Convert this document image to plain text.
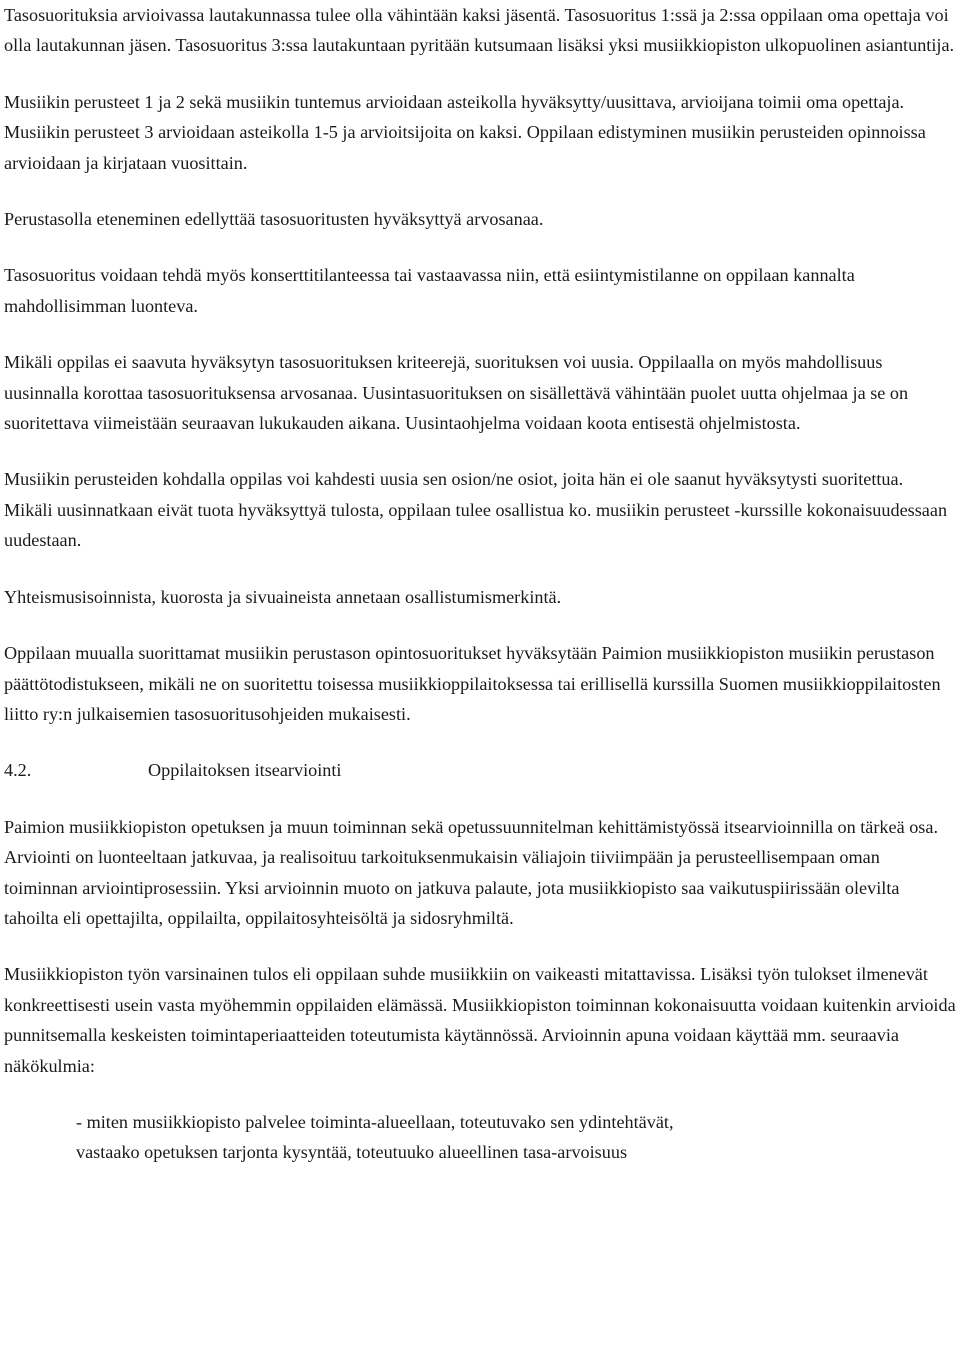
Tasosuorituksia arvioivassa lautakunnassa tulee olla vähintään kaksi jäsentä. Tasosuoritus 1:ssä ja 2:ssa oppilaan oma opettaja voi olla lautakunnan jäsen. Tasosuoritus 3:ssa lautakuntaan pyritään kutsumaan lisäksi yksi musiikkiopiston ulkopuolinen asiantuntija.

Musiikin perusteet 1 ja 2 sekä musiikin tuntemus arvioidaan asteikolla hyväksytty/uusittava, arvioijana toimii oma opettaja. Musiikin perusteet 3 arvioidaan asteikolla 1-5 ja arvioitsijoita on kaksi. Oppilaan edistyminen musiikin perusteiden opinnoissa arvioidaan ja kirjataan vuosittain.

Perustasolla eteneminen edellyttää tasosuoritusten hyväksyttyä arvosanaa.

Tasosuoritus voidaan tehdä myös konserttitilanteessa tai vastaavassa niin, että esiintymistilanne on oppilaan kannalta mahdollisimman luonteva.

Mikäli oppilas ei saavuta hyväksytyn tasosuorituksen kriteerejä, suorituksen voi uusia. Oppilaalla on myös mahdollisuus uusinnalla korottaa tasosuorituksensa arvosanaa. Uusintasuorituksen on sisällettävä vähintään puolet uutta ohjelmaa ja se on suoritettava viimeistään seuraavan lukukauden aikana. Uusintaohjelma voidaan koota entisestä ohjelmistosta.

Musiikin perusteiden kohdalla oppilas voi kahdesti uusia sen osion/ne osiot, joita hän ei ole saanut hyväksytysti suoritettua. Mikäli uusinnatkaan eivät tuota hyväksyttyä tulosta, oppilaan tulee osallistua ko. musiikin perusteet -kurssille kokonaisuudessaan uudestaan.

Yhteismusisoinnista, kuorosta ja sivuaineista annetaan osallistumismerkintä.

Oppilaan muualla suorittamat musiikin perustason opintosuoritukset hyväksytään Paimion musiikkiopiston musiikin perustason päättötodistukseen, mikäli ne on suoritettu toisessa musiikkioppilaitoksessa tai erillisellä kurssilla Suomen musiikkioppilaitosten liitto ry:n julkaisemien tasosuoritusohjeiden mukaisesti.

4.2.	Oppilaitoksen itsearviointi

Paimion musiikkiopiston opetuksen ja muun toiminnan sekä opetussuunnitelman kehittämistyössä itsearvioinnilla on tärkeä osa. Arviointi on luonteeltaan jatkuvaa, ja realisoituu tarkoituksenmukaisin väliajoin tiiviimpään ja perusteellisempaan oman toiminnan arviointiprosessiin. Yksi arvioinnin muoto on jatkuva palaute, jota musiikkiopisto saa vaikutuspiirissään olevilta tahoilta eli opettajilta, oppilailta, oppilaitosyhteisöltä ja sidosryhmiltä.

Musiikkiopiston työn varsinainen tulos eli oppilaan suhde musiikkiin on vaikeasti mitattavissa. Lisäksi työn tulokset ilmenevät konkreettisesti usein vasta myöhemmin oppilaiden elämässä. Musiikkiopiston toiminnan kokonaisuutta voidaan kuitenkin arvioida punnitsemalla keskeisten toimintaperiaatteiden toteutumista käytännössä. Arvioinnin apuna voidaan käyttää mm. seuraavia näkökulmia:

- miten musiikkiopisto palvelee toiminta-alueellaan, toteutuvako sen ydintehtävät,
vastaako opetuksen tarjonta kysyntää, toteutuuko alueellinen tasa-arvoisuus
